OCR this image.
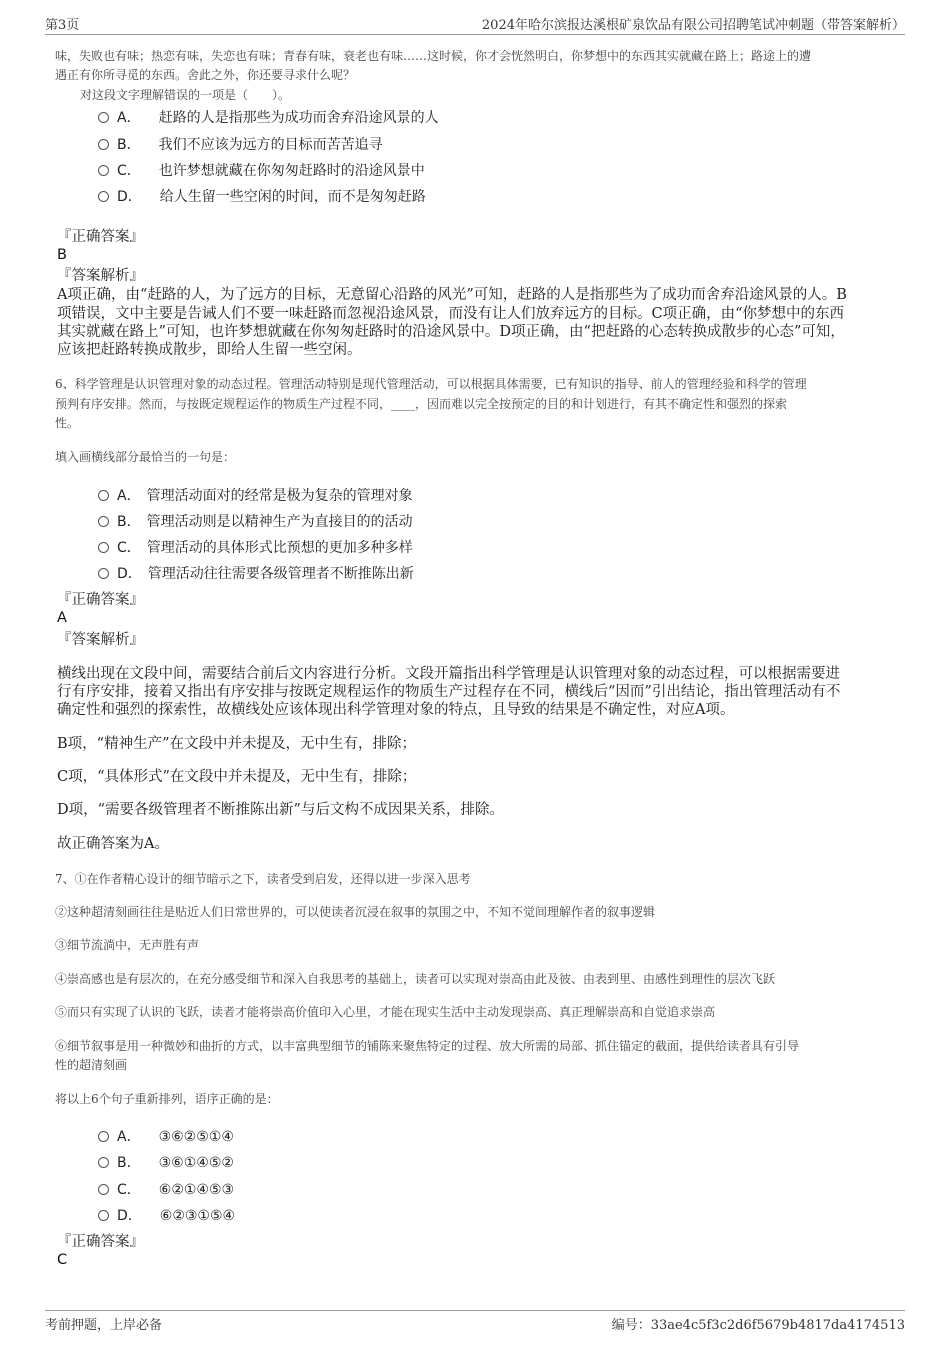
第3页	2024年哈尔滨报达溪根矿泉饮品有限公司招聘笔试冲刺题（带答案解析）
味，失败也有味；热恋有味，失恋也有味；青春有味，衰老也有味……这时候，你才会恍然明白，你梦想中的东西其实就藏在路上；路途上的遭
遇正有你所寻觅的东西。舍此之外，你还要寻求什么呢？
对这段文字理解错误的一项是（　　）。
A． 赶路的人是指那些为成功而舍弃沿途风景的人
B． 我们不应该为远方的目标而苦苦追寻
C． 也许梦想就藏在你匆匆赶路时的沿途风景中
D． 给人生留一些空闲的时间，而不是匆匆赶路
『正确答案』
B
『答案解析』
A项正确，由“赶路的人，为了远方的目标，无意留心沿路的风光”可知，赶路的人是指那些为了成功而舍弃沿途风景的人。B
项错误，文中主要是告诫人们不要一味赶路而忽视沿途风景，而没有让人们放弃远方的目标。C项正确，由“你梦想中的东西
其实就藏在路上”可知，也许梦想就藏在你匆匆赶路时的沿途风景中。D项正确，由“把赶路的心态转换成散步的心态”可知，
应该把赶路转换成散步，即给人生留一些空闲。
6、科学管理是认识管理对象的动态过程。管理活动特别是现代管理活动，可以根据具体需要，已有知识的指导、前人的管理经验和科学的管理
预判有序安排。然而，与按既定规程运作的物质生产过程不同，____，因而难以完全按预定的目的和计划进行，有其不确定性和强烈的探索
性。
填入画横线部分最恰当的一句是：
A． 管理活动面对的经常是极为复杂的管理对象
B． 管理活动则是以精神生产为直接目的的活动
C． 管理活动的具体形式比预想的更加多种多样
D． 管理活动往往需要各级管理者不断推陈出新
『正确答案』
A
『答案解析』
横线出现在文段中间，需要结合前后文内容进行分析。文段开篇指出科学管理是认识管理对象的动态过程，可以根据需要进
行有序安排，接着又指出有序安排与按既定规程运作的物质生产过程存在不同，横线后“因而”引出结论，指出管理活动有不
确定性和强烈的探索性，故横线处应该体现出科学管理对象的特点，且导致的结果是不确定性，对应A项。
B项，“精神生产”在文段中并未提及，无中生有，排除；
C项，“具体形式”在文段中并未提及，无中生有，排除；
D项，“需要各级管理者不断推陈出新”与后文构不成因果关系，排除。
故正确答案为A。
7、①在作者精心设计的细节暗示之下，读者受到启发，还得以进一步深入思考
②这种超清刻画往往是贴近人们日常世界的，可以使读者沉浸在叙事的氛围之中，不知不觉间理解作者的叙事逻辑
③细节流淌中，无声胜有声
④崇高感也是有层次的，在充分感受细节和深入自我思考的基础上，读者可以实现对崇高由此及彼、由表到里、由感性到理性的层次飞跃
⑤而只有实现了认识的飞跃，读者才能将崇高价值印入心里，才能在现实生活中主动发现崇高、真正理解崇高和自觉追求崇高
⑥细节叙事是用一种微妙和曲折的方式，以丰富典型细节的铺陈来聚焦特定的过程、放大所需的局部、抓住锚定的截面，提供给读者具有引导
性的超清刻画
将以上6个句子重新排列，语序正确的是：
A． ③⑥②⑤①④
B． ③⑥①④⑤②
C． ⑥②①④⑤③
D． ⑥②③①⑤④
『正确答案』
C
考前押题，上岸必备	编号：33ae4c5f3c2d6f5679b4817da4174513
